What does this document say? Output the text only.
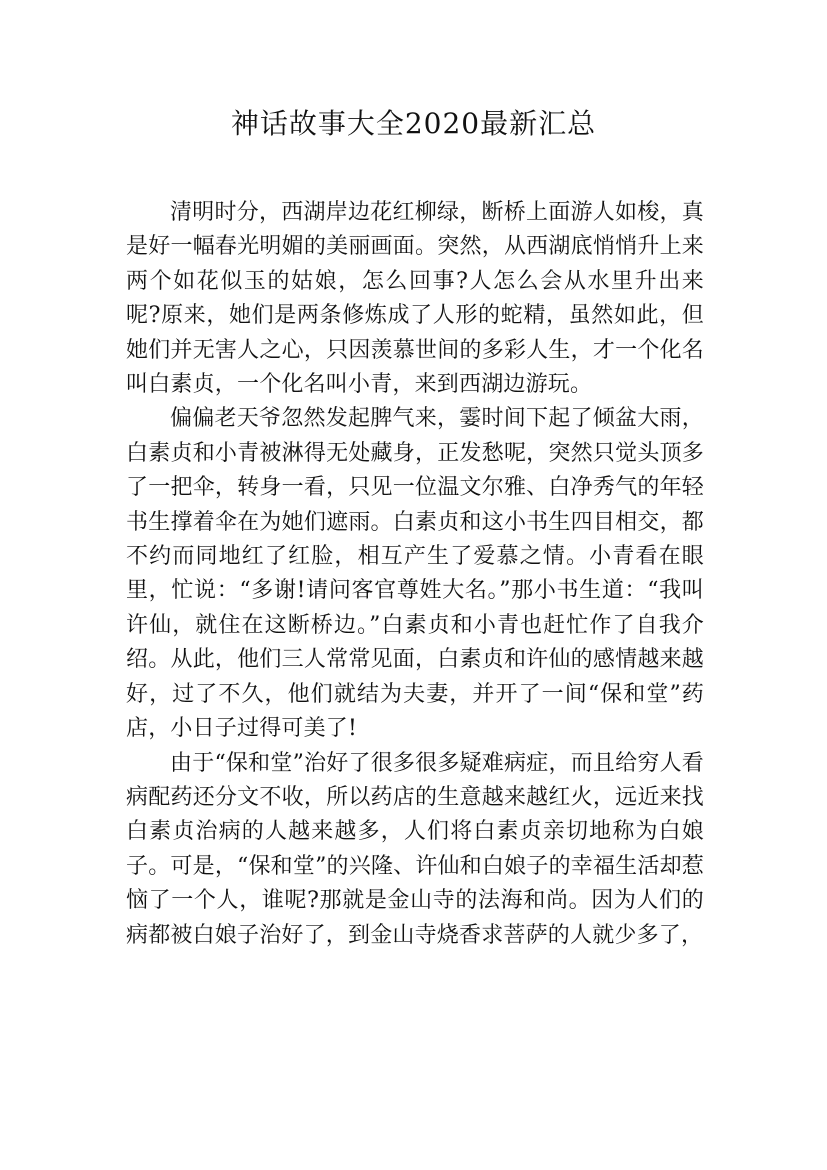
神话故事大全2020最新汇总

清明时分，西湖岸边花红柳绿，断桥上面游人如梭，真是好一幅春光明媚的美丽画面。突然，从西湖底悄悄升上来两个如花似玉的姑娘，怎么回事?人怎么会从水里升出来呢?原来，她们是两条修炼成了人形的蛇精，虽然如此，但她们并无害人之心，只因羡慕世间的多彩人生，才一个化名叫白素贞，一个化名叫小青，来到西湖边游玩。

偏偏老天爷忽然发起脾气来，霎时间下起了倾盆大雨，白素贞和小青被淋得无处藏身，正发愁呢，突然只觉头顶多了一把伞，转身一看，只见一位温文尔雅、白净秀气的年轻书生撑着伞在为她们遮雨。白素贞和这小书生四目相交，都不约而同地红了红脸，相互产生了爱慕之情。小青看在眼里，忙说：“多谢!请问客官尊姓大名。”那小书生道：“我叫许仙，就住在这断桥边。”白素贞和小青也赶忙作了自我介绍。从此，他们三人常常见面，白素贞和许仙的感情越来越好，过了不久，他们就结为夫妻，并开了一间“保和堂”药店，小日子过得可美了!

由于“保和堂”治好了很多很多疑难病症，而且给穷人看病配药还分文不收，所以药店的生意越来越红火，远近来找白素贞治病的人越来越多，人们将白素贞亲切地称为白娘子。可是，“保和堂”的兴隆、许仙和白娘子的幸福生活却惹恼了一个人，谁呢?那就是金山寺的法海和尚。因为人们的病都被白娘子治好了，到金山寺烧香求菩萨的人就少多了，
